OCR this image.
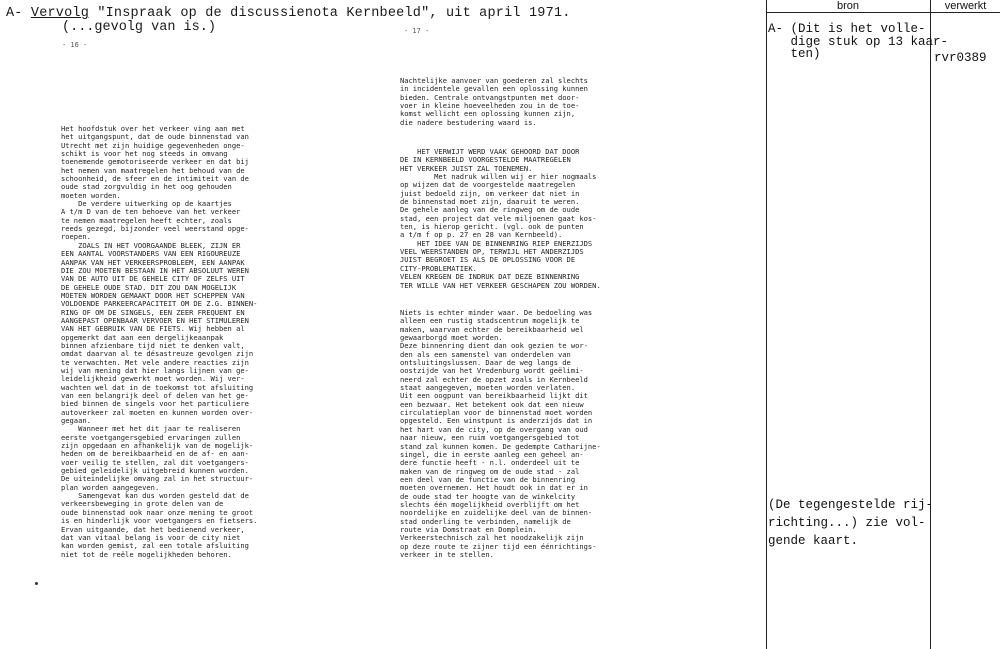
A- Vervolg "Inspraak op de discussienota Kernbeeld", uit april 1971.
(...gevolg van is.)
- 16 -
- 17 -
Het hoofdstuk over het verkeer ving aan met
het uitgangspunt, dat de oude binnenstad van
Utrecht met zijn huidige gegevenheden onge-
schikt is voor het nog steeds in omvang
toenemende gemotoriseerde verkeer en dat bij
het nemen van maatregelen het behoud van de
schoonheid, de sfeer en de intimiteit van de
oude stad zorgvuldig in het oog gehouden
moeten worden.
De verdere uitwerking op de kaartjes
A t/m D van de ten behoeve van het verkeer
te nemen maatregelen heeft echter, zoals
reeds gezegd, bijzonder veel weerstand opge-
roepen.
ZOALS IN HET VOORGAANDE BLEEK, ZIJN ER
EEN AANTAL VOORSTANDERS VAN EEN RIGOUREUZE
AANPAK VAN HET VERKEERSPROBLEEM, EEN AANPAK
DIE ZOU MOETEN BESTAAN IN HET ABSOLUUT WEREN
VAN DE AUTO UIT DE GEHELE CITY OF ZELFS UIT
DE GEHELE OUDE STAD. DIT ZOU DAN MOGELIJK
MOETEN WORDEN GEMAAKT DOOR HET SCHEPPEN VAN
VOLDOENDE PARKEERCAPACITEIT OM DE Z.G. BINNEN-
RING OF OM DE SINGELS, EEN ZEER FREQUENT EN
AANGEPAST OPENBAAR VERVOER EN HET STIMULEREN
VAN HET GEBRUIK VAN DE FIETS. Wij hebben al
opgemerkt dat aan een dergelijkeaanpak
binnen afzienbare tijd niet te denken valt,
omdat daarvan al te désastreuze gevolgen zijn
te verwachten. Met vele andere reacties zijn
wij van mening dat hier langs lijnen van ge-
leidelijkheid gewerkt moet worden. Wij ver-
wachten wel dat in de toekomst tot afsluiting
van een belangrijk deel of delen van het ge-
bied binnen de singels voor het particuliere
autoverkeer zal moeten en kunnen worden over-
gegaan.
Wanneer met het dit jaar te realiseren
eerste voetgangersgebied ervaringen zullen
zijn opgedaan en afhankelijk van de mogelijk-
heden om de bereikbaarheid en de af- en aan-
voer veilig te stellen, zal dit voetgangers-
gebied geleidelijk uitgebreid kunnen worden.
De uiteindelijke omvang zal in het structuur-
plan worden aangegeven.
Samengevat kan dus worden gesteld dat de
verkeersbeweging in grote delen van de
oude binnenstad ook naar onze mening te groot
is en hinderlijk voor voetgangers en fietsers.
Ervan uitgaande, dat het bedienend verkeer,
dat van vitaal belang is voor de city niet
kan worden gemist, zal een totale afsluiting
niet tot de reële mogelijkheden behoren.
Nachtelijke aanvoer van goederen zal slechts
in incidentele gevallen een oplossing kunnen
bieden. Centrale ontvangstpunten met door-
voer in kleine hoeveelheden zou in de toe-
komst wellicht een oplossing kunnen zijn,
die nadere bestudering waard is.
HET VERWIJT WERD VAAK GEHOORD DAT DOOR
DE IN KERNBEELD VOORGESTELDE MAATREGELEN
HET VERKEER JUIST ZAL TOENEMEN.
Met nadruk willen wij er hier nogmaals
op wijzen dat de voorgestelde maatregelen
juist bedoeld zijn, om verkeer dat niet in
de binnenstad moet zijn, daaruit te weren.
De gehele aanleg van de ringweg om de oude
stad, een project dat vele miljoenen gaat kos-
ten, is hierop gericht. (vgl. ook de punten
a t/m f op p. 27 en 28 van Kernbeeld).
HET IDEE VAN DE BINNENRING RIEP ENERZIJDS
VEEL WEERSTANDEN OP, TERWIJL HET ANDERZIJDS
JUIST BEGROET IS ALS DE OPLOSSING VOOR DE
CITY-PROBLEMATIEK.
VELEN KREGEN DE INDRUK DAT DEZE BINNENRING
TER WILLE VAN HET VERKEER GESCHAPEN ZOU WORDEN.
Niets is echter minder waar. De bedoeling was
alleen een rustig stadscentrum mogelijk te
maken, waarvan echter de bereikbaarheid wel
gewaarborgd moet worden.
Deze binnenring dient dan ook gezien te wor-
den als een samenstel van onderdelen van
ontsluitingslussen. Daar de weg langs de
oostzijde van het Vredenburg wordt geëlimi-
neerd zal echter de opzet zoals in Kernbeeld
staat aangegeven, moeten worden verlaten.
Uit een oogpunt van bereikbaarheid lijkt dit
een bezwaar. Het betekent ook dat een nieuw
circulatieplan voor de binnenstad moet worden
opgesteld. Een winstpunt is anderzijds dat in
het hart van de city, op de overgang van oud
naar nieuw, een ruim voetgangersgebied tot
stand zal kunnen komen. De gedempte Catharijne-
singel, die in eerste aanleg een geheel an-
dere functie heeft - n.l. onderdeel uit te
maken van de ringweg om de oude stad - zal
een deel van de functie van de binnenring
moeten overnemen. Het houdt ook in dat er in
de oude stad ter hoogte van de winkelcity
slechts één mogelijkheid overblijft om het
noordelijke en zuidelijke deel van de binnen-
stad onderling te verbinden, namelijk de
route via Domstraat en Domplein.
Verkeerstechnisch zal het noodzakelijk zijn
op deze route te zijner tijd een éénrichtings-
verkeer in te stellen.
bron	verwerkt
A- (Dit is het volle-
dige stuk op 13 kaar-
ten)	rvr0389
(De tegengestelde rij-
richting...) zie vol-
gende kaart.
